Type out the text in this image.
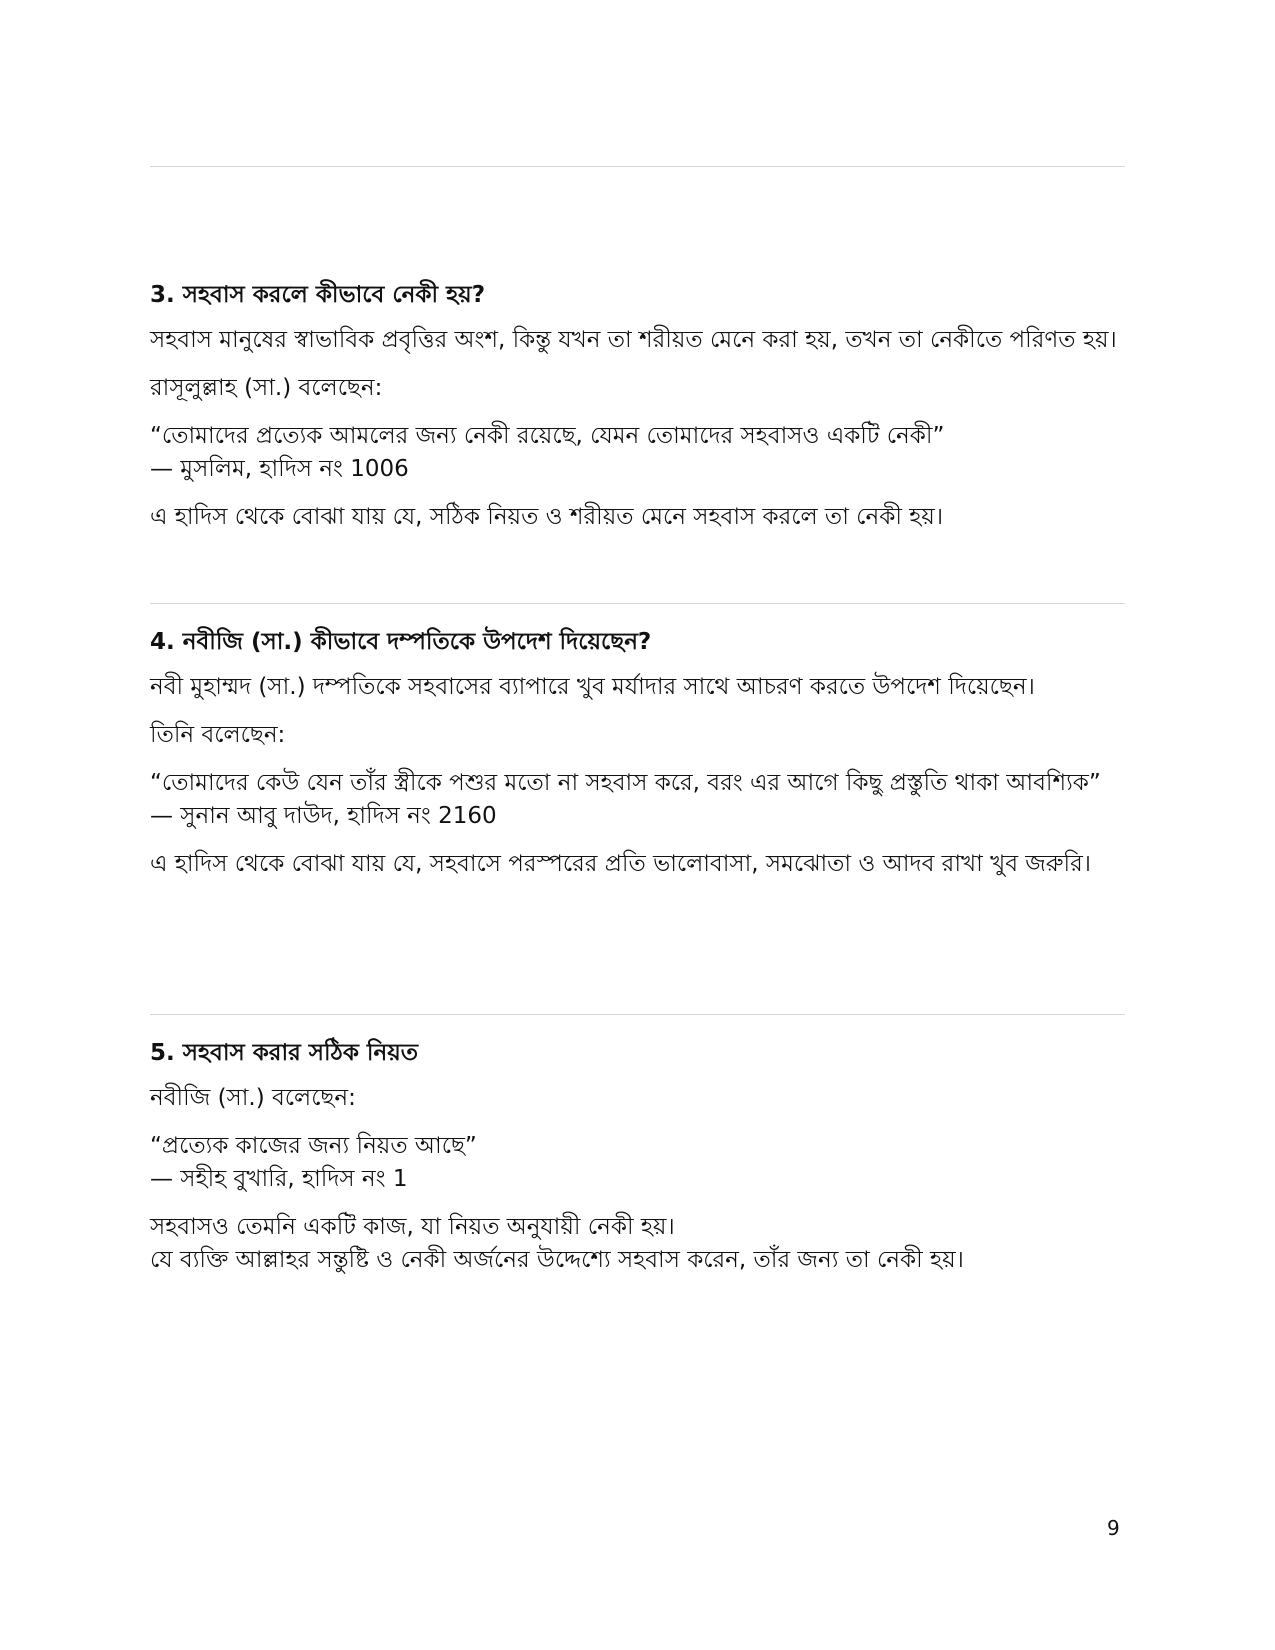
3. সহবাস করলে কীভাবে নেকী হয়?

সহবাস মানুষের স্বাভাবিক প্রবৃত্তির অংশ, কিন্তু যখন তা শরীয়ত মেনে করা হয়, তখন তা নেকীতে পরিণত হয়।

রাসূলুল্লাহ (সা.) বলেছেন:

“তোমাদের প্রত্যেক আমলের জন্য নেকী রয়েছে, যেমন তোমাদের সহবাসও একটি নেকী”
— মুসলিম, হাদিস নং 1006

এ হাদিস থেকে বোঝা যায় যে, সঠিক নিয়ত ও শরীয়ত মেনে সহবাস করলে তা নেকী হয়।

4. নবীজি (সা.) কীভাবে দম্পতিকে উপদেশ দিয়েছেন?

নবী মুহাম্মদ (সা.) দম্পতিকে সহবাসের ব্যাপারে খুব মর্যাদার সাথে আচরণ করতে উপদেশ দিয়েছেন।

তিনি বলেছেন:

“তোমাদের কেউ যেন তাঁর স্ত্রীকে পশুর মতো না সহবাস করে, বরং এর আগে কিছু প্রস্তুতি থাকা আবশ্যিক”
— সুনান আবু দাউদ, হাদিস নং 2160

এ হাদিস থেকে বোঝা যায় যে, সহবাসে পরস্পরের প্রতি ভালোবাসা, সমঝোতা ও আদব রাখা খুব জরুরি।

5. সহবাস করার সঠিক নিয়ত

নবীজি (সা.) বলেছেন:

“প্রত্যেক কাজের জন্য নিয়ত আছে”
— সহীহ বুখারি, হাদিস নং 1

সহবাসও তেমনি একটি কাজ, যা নিয়ত অনুযায়ী নেকী হয়।
যে ব্যক্তি আল্লাহর সন্তুষ্টি ও নেকী অর্জনের উদ্দেশ্যে সহবাস করেন, তাঁর জন্য তা নেকী হয়।

9
